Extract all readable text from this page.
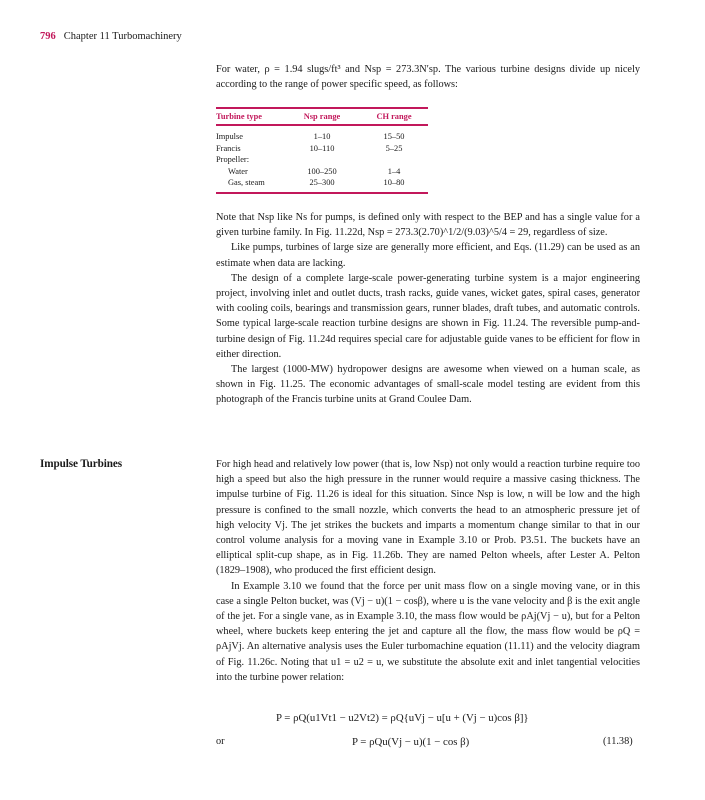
796 Chapter 11 Turbomachinery

For water, ρ = 1.94 slugs/ft³ and Nsp = 273.3N′sp. The various turbine designs divide up nicely according to the range of power specific speed, as follows:

Turbine type	Nsp range	CH range
Impulse	1–10	15–50
Francis	10–110	5–25
Propeller:		
Water	100–250	1–4
Gas, steam	25–300	10–80

Note that Nsp like Ns for pumps, is defined only with respect to the BEP and has a single value for a given turbine family. In Fig. 11.22d, Nsp = 273.3(2.70)^1/2/(9.03)^5/4 = 29, regardless of size.

Like pumps, turbines of large size are generally more efficient, and Eqs. (11.29) can be used as an estimate when data are lacking.

The design of a complete large-scale power-generating turbine system is a major engineering project, involving inlet and outlet ducts, trash racks, guide vanes, wicket gates, spiral cases, generator with cooling coils, bearings and transmission gears, runner blades, draft tubes, and automatic controls. Some typical large-scale reaction turbine designs are shown in Fig. 11.24. The reversible pump-and-turbine design of Fig. 11.24d requires special care for adjustable guide vanes to be efficient for flow in either direction.

The largest (1000-MW) hydropower designs are awesome when viewed on a human scale, as shown in Fig. 11.25. The economic advantages of small-scale model testing are evident from this photograph of the Francis turbine units at Grand Coulee Dam.

Impulse Turbines	For high head and relatively low power (that is, low Nsp) not only would a reaction turbine require too high a speed but also the high pressure in the runner would require a massive casing thickness. The impulse turbine of Fig. 11.26 is ideal for this situation. Since Nsp is low, n will be low and the high pressure is confined to the small nozzle, which converts the head to an atmospheric pressure jet of high velocity Vj. The jet strikes the buckets and imparts a momentum change similar to that in our control volume analysis for a moving vane in Example 3.10 or Prob. P3.51. The buckets have an elliptical split-cup shape, as in Fig. 11.26b. They are named Pelton wheels, after Lester A. Pelton (1829–1908), who produced the first efficient design.

In Example 3.10 we found that the force per unit mass flow on a single moving vane, or in this case a single Pelton bucket, was (Vj − u)(1 − cosβ), where u is the vane velocity and β is the exit angle of the jet. For a single vane, as in Example 3.10, the mass flow would be ρAj(Vj − u), but for a Pelton wheel, where buckets keep entering the jet and capture all the flow, the mass flow would be ρQ = ρAjVj. An alternative analysis uses the Euler turbomachine equation (11.11) and the velocity diagram of Fig. 11.26c. Noting that u1 = u2 = u, we substitute the absolute exit and inlet tangential velocities into the turbine power relation:

P = ρQ(u1Vt1 − u2Vt2) = ρQ{uVj − u[u + (Vj − u)cos β]}
or	P = ρQu(Vj − u)(1 − cos β)	(11.38)
